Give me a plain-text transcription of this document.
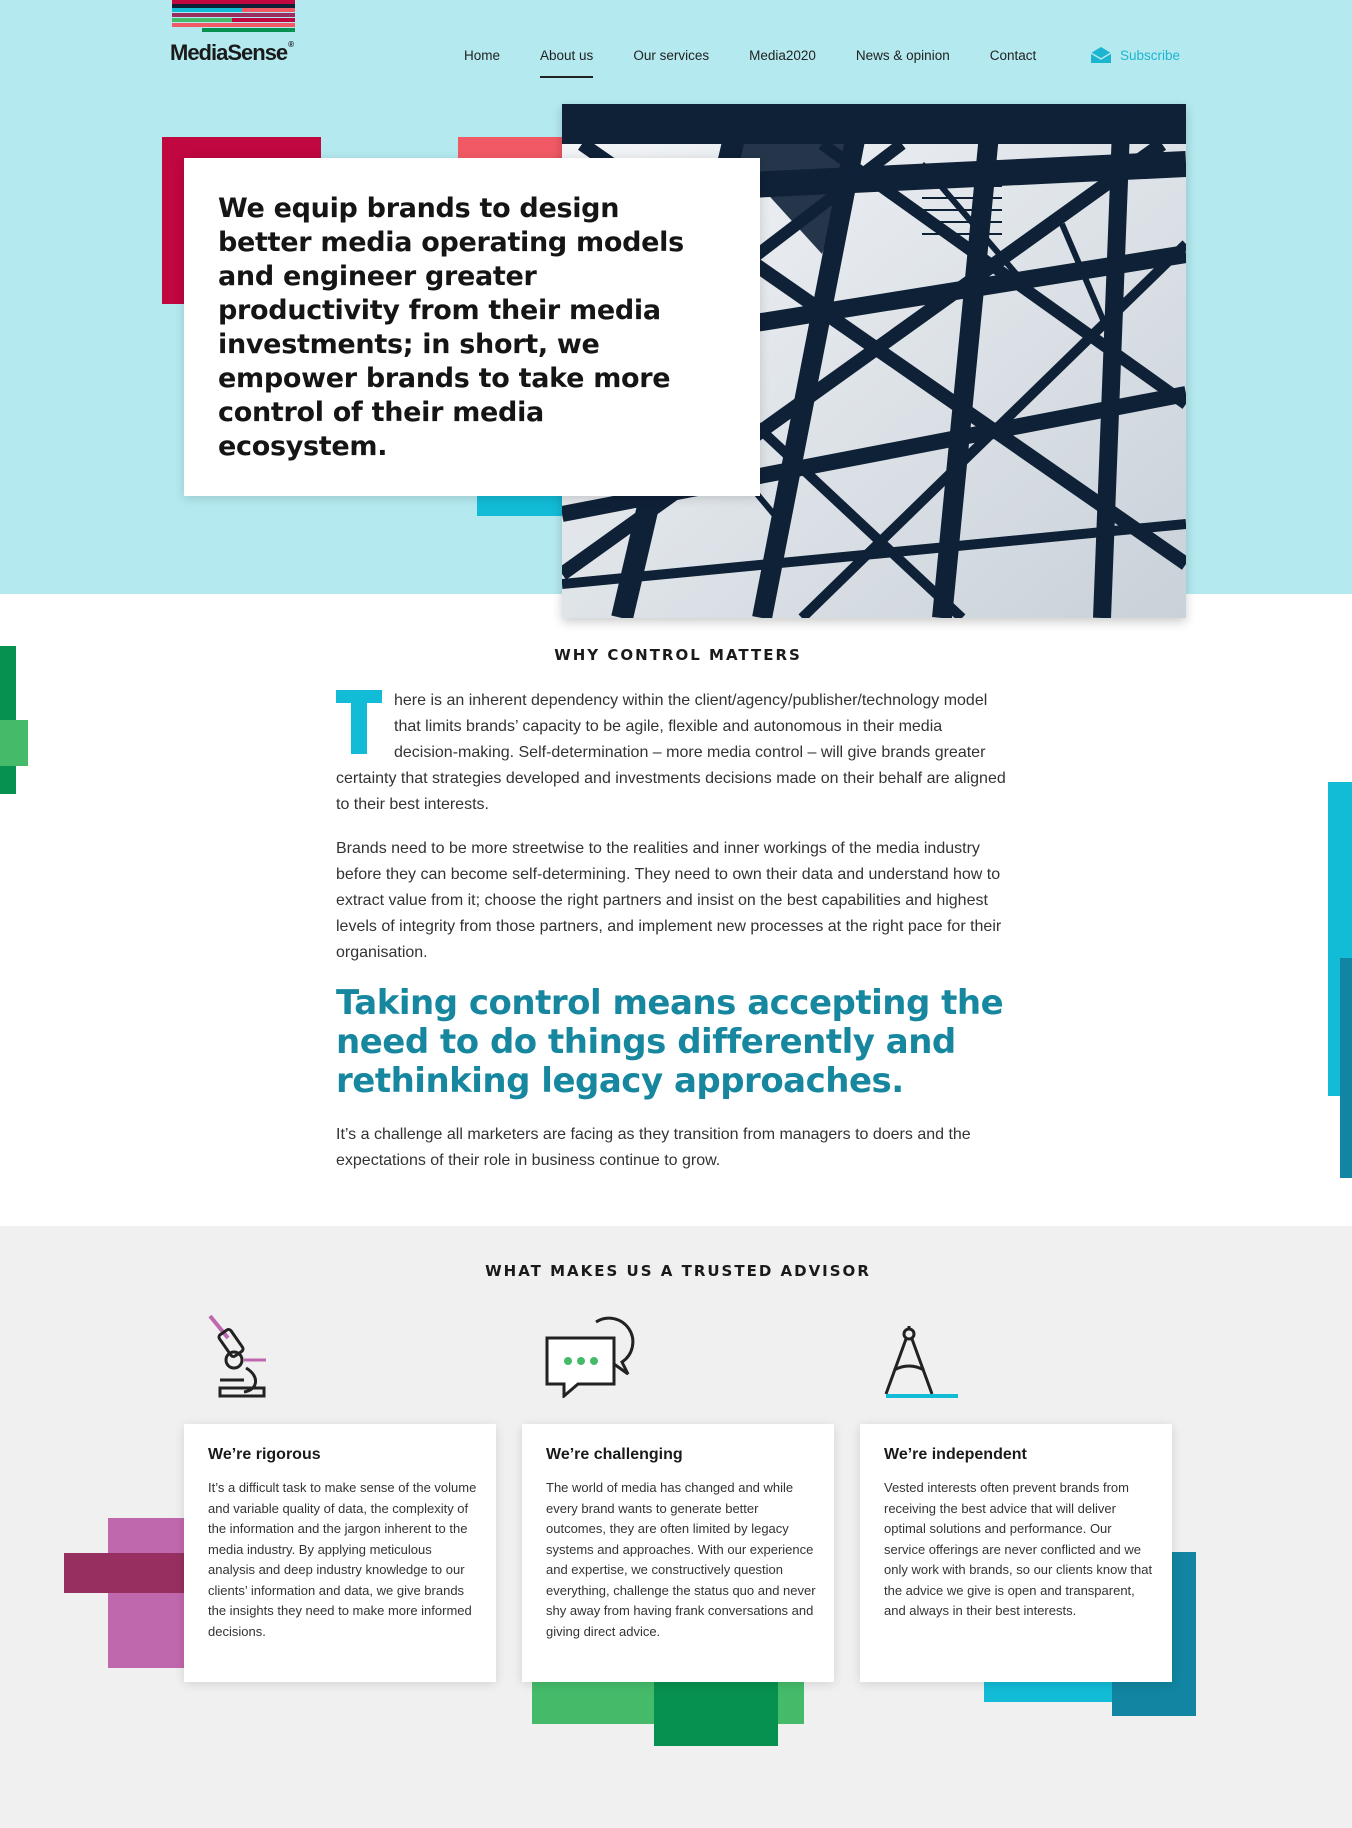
MediaSense®
Home	About us	Our services	Media2020	News & opinion	Contact	Subscribe
We equip brands to design better media operating models and engineer greater productivity from their media investments; in short, we empower brands to take more control of their media ecosystem.
WHY CONTROL MATTERS
here is an inherent dependency within the client/agency/publisher/technology model that limits brands’ capacity to be agile, flexible and autonomous in their media decision-making. Self-determination – more media control – will give brands greater certainty that strategies developed and investments decisions made on their behalf are aligned to their best interests.
Brands need to be more streetwise to the realities and inner workings of the media industry before they can become self-determining. They need to own their data and understand how to extract value from it; choose the right partners and insist on the best capabilities and highest levels of integrity from those partners, and implement new processes at the right pace for their organisation.
Taking control means accepting the need to do things differently and rethinking legacy approaches.
It’s a challenge all marketers are facing as they transition from managers to doers and the expectations of their role in business continue to grow.
WHAT MAKES US A TRUSTED ADVISOR
We’re rigorous

It’s a difficult task to make sense of the volume and variable quality of data, the complexity of the information and the jargon inherent to the media industry. By applying meticulous analysis and deep industry knowledge to our clients’ information and data, we give brands the insights they need to make more informed decisions.

We’re challenging

The world of media has changed and while every brand wants to generate better outcomes, they are often limited by legacy systems and approaches. With our experience and expertise, we constructively question everything, challenge the status quo and never shy away from having frank conversations and giving direct advice.

We’re independent

Vested interests often prevent brands from receiving the best advice that will deliver optimal solutions and performance. Our service offerings are never conflicted and we only work with brands, so our clients know that the advice we give is open and transparent, and always in their best interests.
